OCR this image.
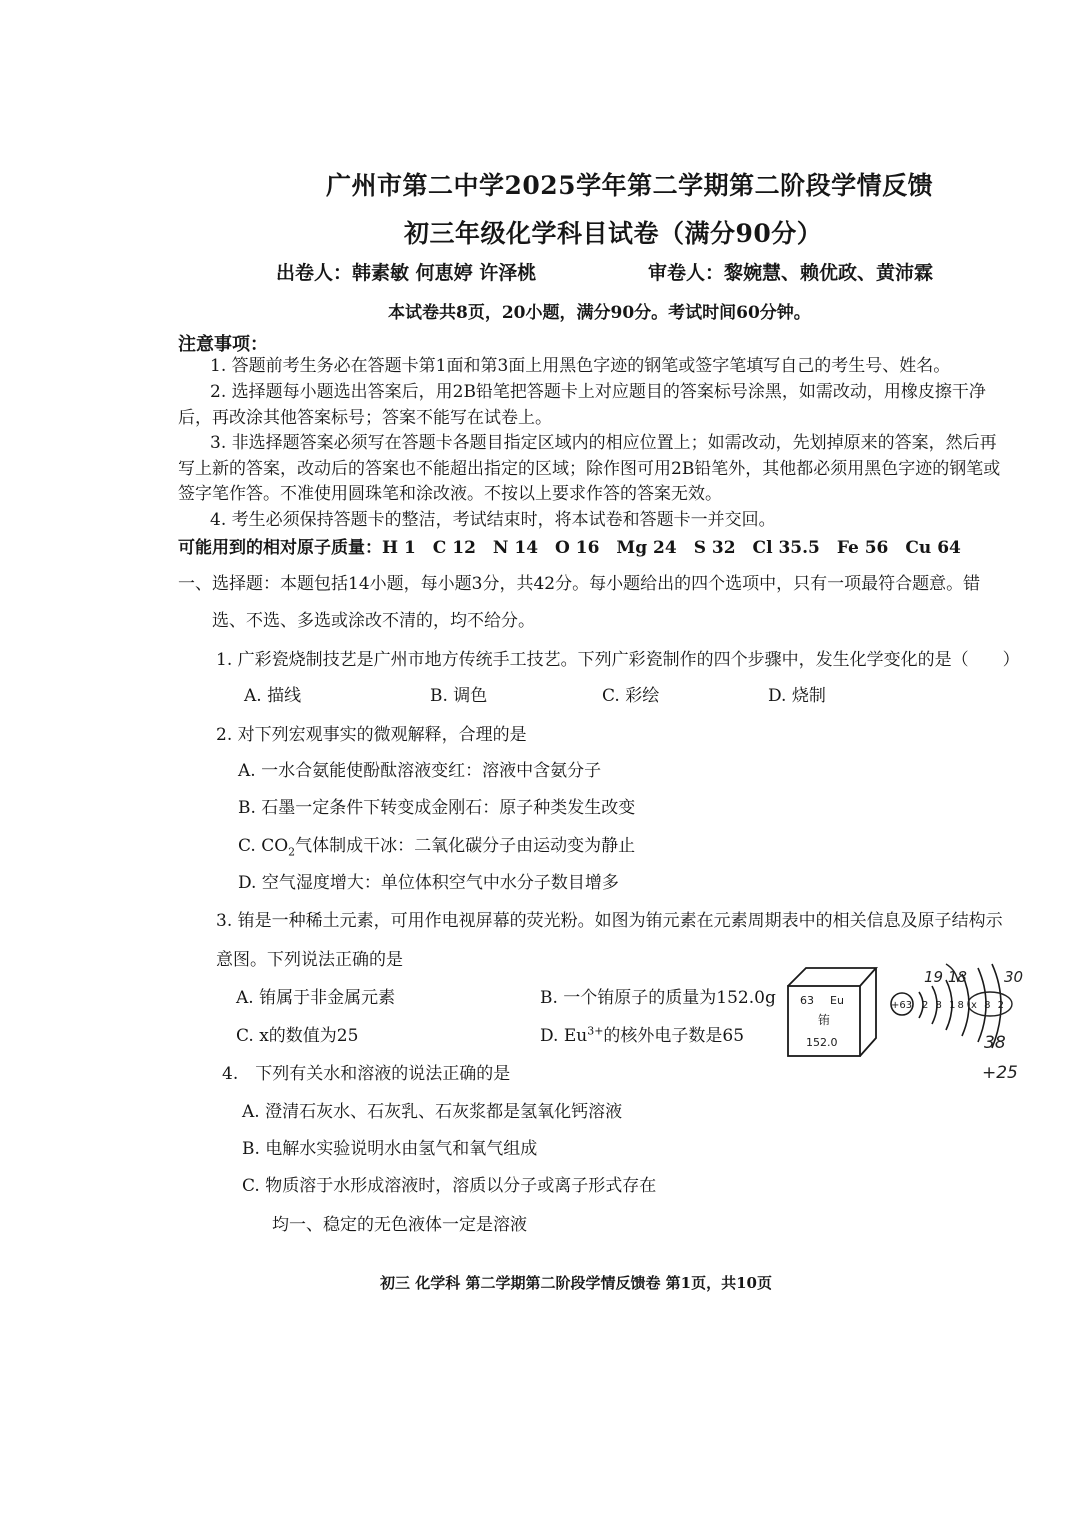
广州市第二中学2025学年第二学期第二阶段学情反馈
初三年级化学科目试卷（满分90分）
出卷人：韩素敏 何恵婷 许泽桃	审卷人：黎婉慧、赖优政、黄沛霖
本试卷共8页，20小题，满分90分。考试时间60分钟。
注意事项：
1. 答题前考生务必在答题卡第1面和第3面上用黑色字迹的钢笔或签字笔填写自己的考生号、姓名。
2. 选择题每小题选出答案后，用2B铅笔把答题卡上对应题目的答案标号涂黑，如需改动，用橡皮擦干净
后，再改涂其他答案标号；答案不能写在试卷上。
3. 非选择题答案必须写在答题卡各题目指定区域内的相应位置上；如需改动，先划掉原来的答案，然后再
写上新的答案，改动后的答案也不能超出指定的区域；除作图可用2B铅笔外，其他都必须用黑色字迹的钢笔或
签字笔作答。不准使用圆珠笔和涂改液。不按以上要求作答的答案无效。
4. 考生必须保持答题卡的整洁，考试结束时，将本试卷和答题卡一并交回。
可能用到的相对原子质量：H 1　C 12　N 14　O 16　Mg 24　S 32　Cl 35.5　Fe 56　Cu 64
一、选择题：本题包括14小题，每小题3分，共42分。每小题给出的四个选项中，只有一项最符合题意。错
选、不选、多选或涂改不清的，均不给分。
1. 广彩瓷烧制技艺是广州市地方传统手工技艺。下列广彩瓷制作的四个步骤中，发生化学变化的是（　　）
A. 描线	B. 调色	C. 彩绘	D. 烧制
2. 对下列宏观事实的微观解释，合理的是
A. 一水合氨能使酚酞溶液变红：溶液中含氨分子
B. 石墨一定条件下转变成金刚石：原子种类发生改变
C. $CO_2$气体制成干冰：二氧化碳分子由运动变为静止
D. 空气湿度增大：单位体积空气中水分子数目增多
3. 铕是一种稀土元素，可用作电视屏幕的荧光粉。如图为铕元素在元素周期表中的相关信息及原子结构示
意图。下列说法正确的是
A. 铕属于非金属元素	B. 一个铕原子的质量为152.0g
C. x的数值为25	D. $Eu^{3+}$的核外电子数是65
63 Eu
铕
152.0
+63 2 8 18 x 8 2
19 18 30
38
+25
4.　下列有关水和溶液的说法正确的是
A. 澄清石灰水、石灰乳、石灰浆都是氢氧化钙溶液
B. 电解水实验说明水由氢气和氧气组成
C. 物质溶于水形成溶液时，溶质以分子或离子形式存在
均一、稳定的无色液体一定是溶液
初三 化学科 第二学期第二阶段学情反馈卷 第1页，共10页
